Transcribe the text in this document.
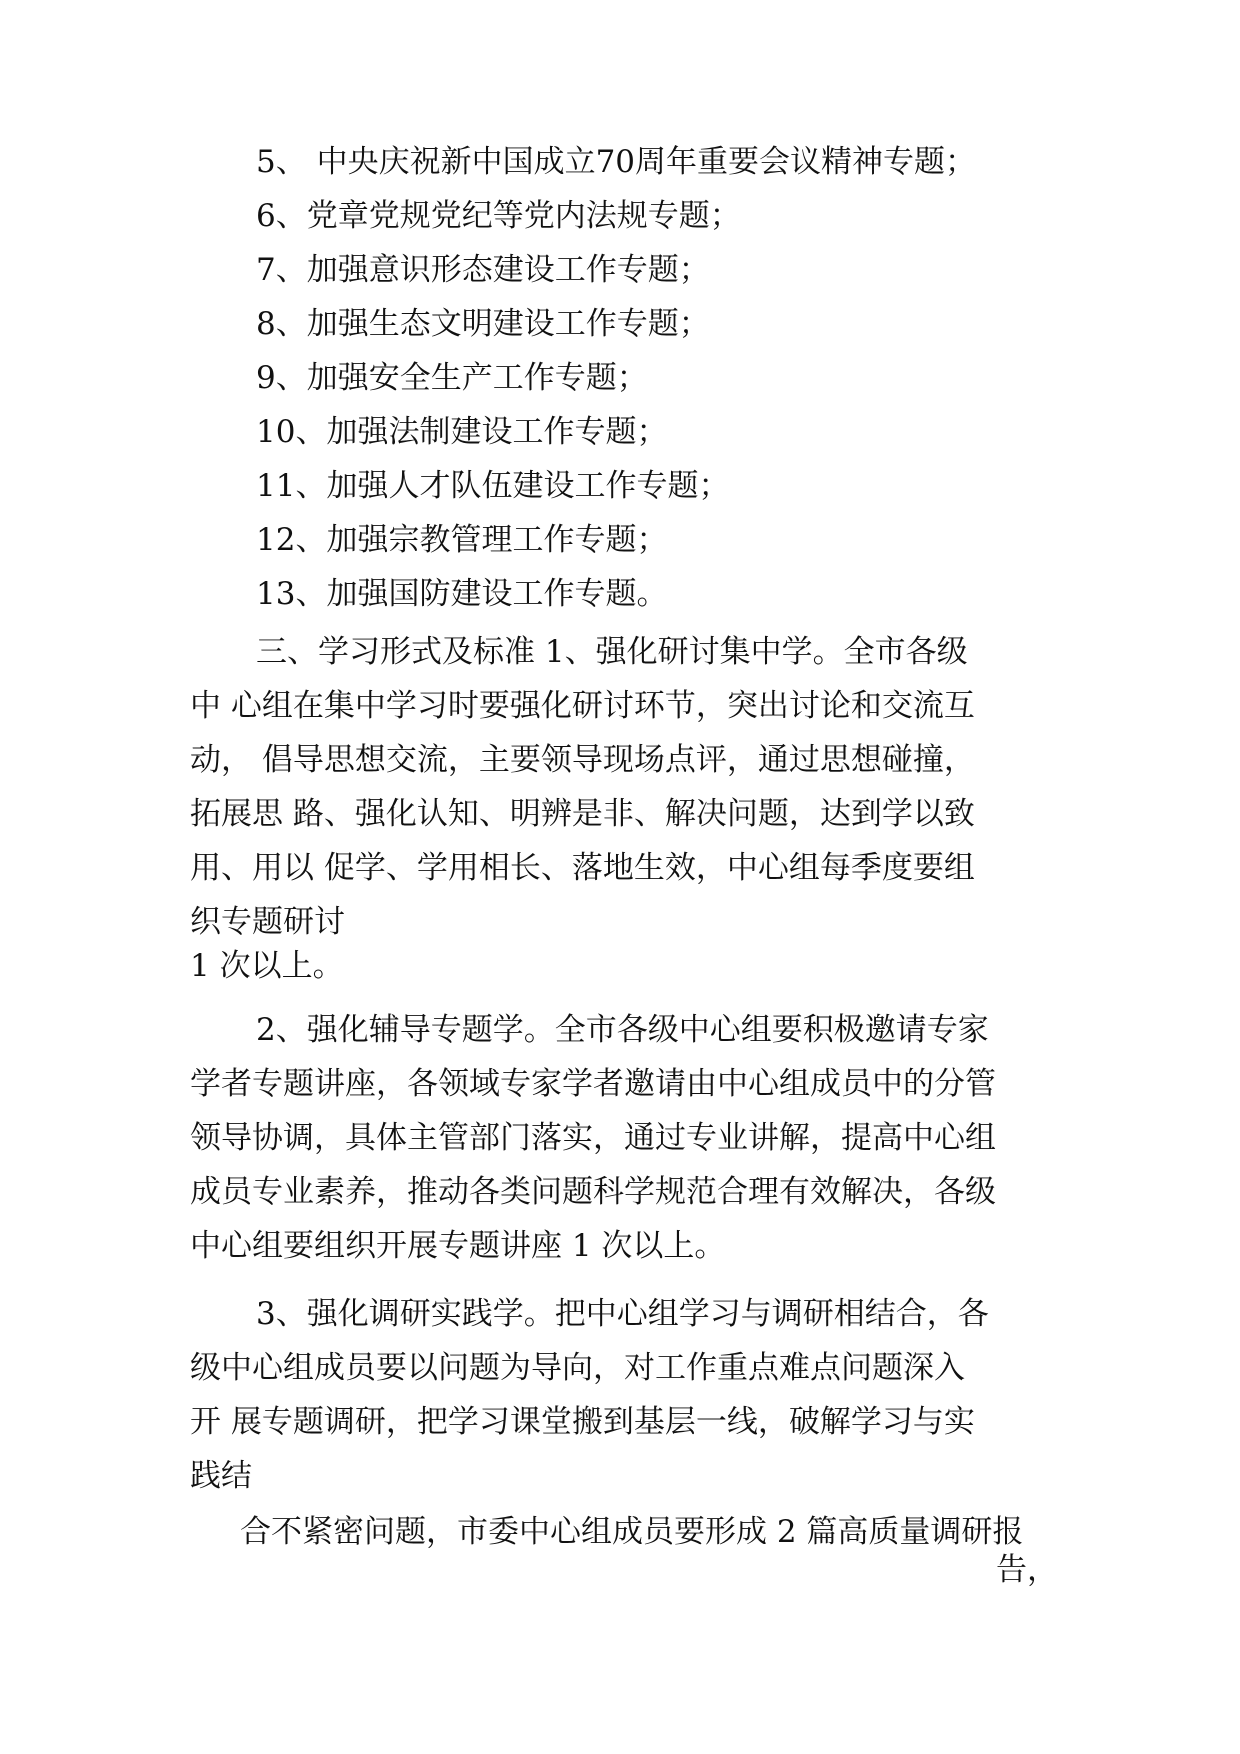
5、 中央庆祝新中国成立70周年重要会议精神专题；

6、党章党规党纪等党内法规专题；

7、加强意识形态建设工作专题；

8、加强生态文明建设工作专题；

9、加强安全生产工作专题；

10、加强法制建设工作专题；

11、加强人才队伍建设工作专题；

12、加强宗教管理工作专题；

13、加强国防建设工作专题。

三、学习形式及标准 1、强化研讨集中学。全市各级

中 心组在集中学习时要强化研讨环节，突出讨论和交流互

动， 倡导思想交流，主要领导现场点评，通过思想碰撞，

拓展思 路、强化认知、明辨是非、解决问题，达到学以致

用、用以 促学、学用相长、落地生效，中心组每季度要组

织专题研讨

1 次以上。

2、强化辅导专题学。全市各级中心组要积极邀请专家

学者专题讲座，各领域专家学者邀请由中心组成员中的分管

领导协调，具体主管部门落实，通过专业讲解，提高中心组

成员专业素养，推动各类问题科学规范合理有效解决，各级

中心组要组织开展专题讲座 1 次以上。

3、强化调研实践学。把中心组学习与调研相结合，各

级中心组成员要以问题为导向，对工作重点难点问题深入

开 展专题调研，把学习课堂搬到基层一线，破解学习与实

践结

合不紧密问题，市委中心组成员要形成 2 篇高质量调研报

告，
